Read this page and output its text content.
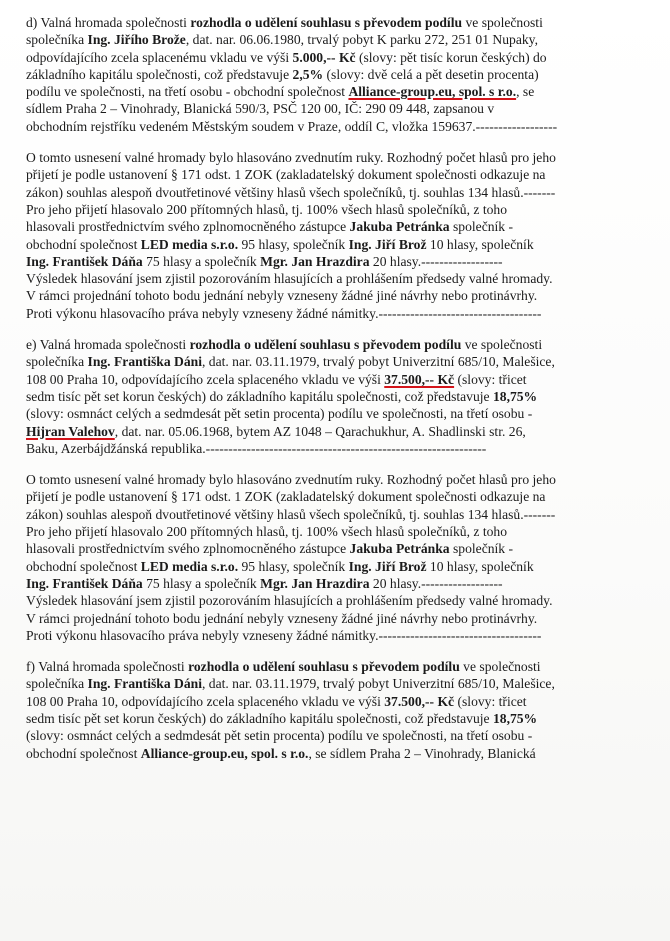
d) Valná hromada společnosti rozhodla o udělení souhlasu s převodem podílu ve společnosti
společníka Ing. Jiřího Brože, dat. nar. 06.06.1980, trvalý pobyt K parku 272, 251 01 Nupaky,
odpovídajícího zcela splacenému vkladu ve výši 5.000,-- Kč (slovy: pět tisíc korun českých) do
základního kapitálu společnosti, což představuje 2,5% (slovy: dvě celá a pět desetin procenta)
podílu ve společnosti, na třetí osobu - obchodní společnost Alliance-group.eu, spol. s r.o., se
sídlem Praha 2 – Vinohrady, Blanická 590/3, PSČ 120 00, IČ: 290 09 448, zapsanou v
obchodním rejstříku vedeném Městským soudem v Praze, oddíl C, vložka 159637.------------------
O tomto usnesení valné hromady bylo hlasováno zvednutím ruky. Rozhodný počet hlasů pro jeho
přijetí je podle ustanovení § 171 odst. 1 ZOK (zakladatelský dokument společnosti odkazuje na
zákon) souhlas alespoň dvoutřetinové většiny hlasů všech společníků, tj. souhlas 134 hlasů.-------
Pro jeho přijetí hlasovalo 200 přítomných hlasů, tj. 100% všech hlasů společníků, z toho
hlasovali prostřednictvím svého zplnomocněného zástupce Jakuba Petránka společník -
obchodní společnost LED media s.r.o. 95 hlasy, společník Ing. Jiří Brož 10 hlasy, společník
Ing. František Dáňa 75 hlasy a společník Mgr. Jan Hrazdira 20 hlasy.------------------
Výsledek hlasování jsem zjistil pozorováním hlasujících a prohlášením předsedy valné hromady.
V rámci projednání tohoto bodu jednání nebyly vzneseny žádné jiné návrhy nebo protinávrhy.
Proti výkonu hlasovacího práva nebyly vzneseny žádné námitky.------------------------------------
e) Valná hromada společnosti rozhodla o udělení souhlasu s převodem podílu ve společnosti
společníka Ing. Františka Dáni, dat. nar. 03.11.1979, trvalý pobyt Univerzitní 685/10, Malešice,
108 00 Praha 10, odpovídajícího zcela splaceného vkladu ve výši 37.500,-- Kč (slovy: třicet
sedm tisíc pět set korun českých) do základního kapitálu společnosti, což představuje 18,75%
(slovy: osmnáct celých a sedmdesát pět setin procenta) podílu ve společnosti, na třetí osobu -
Hijran Valehov, dat. nar. 05.06.1968, bytem AZ 1048 – Qarachukhur, A. Shadlinski str. 26,
Baku, Azerbájdžánská republika.--------------------------------------------------------------
O tomto usnesení valné hromady bylo hlasováno zvednutím ruky. Rozhodný počet hlasů pro jeho
přijetí je podle ustanovení § 171 odst. 1 ZOK (zakladatelský dokument společnosti odkazuje na
zákon) souhlas alespoň dvoutřetinové většiny hlasů všech společníků, tj. souhlas 134 hlasů.-------
Pro jeho přijetí hlasovalo 200 přítomných hlasů, tj. 100% všech hlasů společníků, z toho
hlasovali prostřednictvím svého zplnomocněného zástupce Jakuba Petránka společník -
obchodní společnost LED media s.r.o. 95 hlasy, společník Ing. Jiří Brož 10 hlasy, společník
Ing. František Dáňa 75 hlasy a společník Mgr. Jan Hrazdira 20 hlasy.------------------
Výsledek hlasování jsem zjistil pozorováním hlasujících a prohlášením předsedy valné hromady.
V rámci projednání tohoto bodu jednání nebyly vzneseny žádné jiné návrhy nebo protinávrhy.
Proti výkonu hlasovacího práva nebyly vzneseny žádné námitky.------------------------------------
f) Valná hromada společnosti rozhodla o udělení souhlasu s převodem podílu ve společnosti
společníka Ing. Františka Dáni, dat. nar. 03.11.1979, trvalý pobyt Univerzitní 685/10, Malešice,
108 00 Praha 10, odpovídajícího zcela splaceného vkladu ve výši 37.500,-- Kč (slovy: třicet
sedm tisíc pět set korun českých) do základního kapitálu společnosti, což představuje 18,75%
(slovy: osmnáct celých a sedmdesát pět setin procenta) podílu ve společnosti, na třetí osobu -
obchodní společnost Alliance-group.eu, spol. s r.o., se sídlem Praha 2 – Vinohrady, Blanická
